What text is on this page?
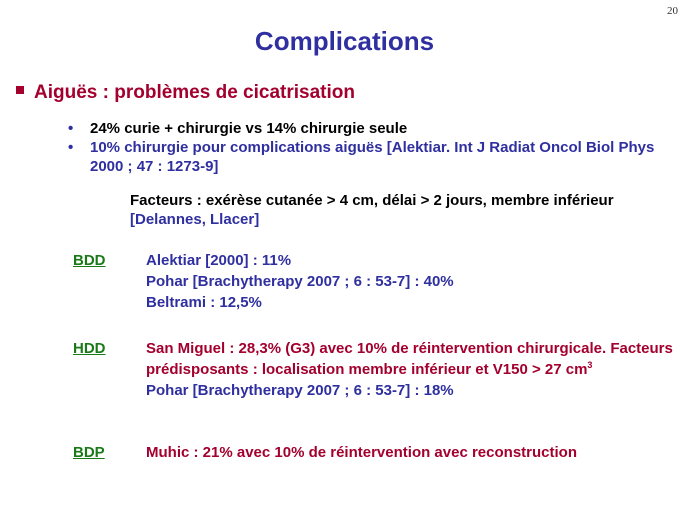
20
Complications
Aiguës : problèmes de cicatrisation
•	24% curie + chirurgie vs 14% chirurgie seule
•	10% chirurgie pour complications aiguës [Alektiar. Int J Radiat Oncol Biol Phys 2000 ; 47 : 1273-9]
Facteurs : exérèse cutanée > 4 cm, délai > 2 jours, membre inférieur [Delannes, Llacer]
BDD	Alektiar [2000] : 11%
Pohar [Brachytherapy 2007 ; 6 : 53-7] : 40%
Beltrami : 12,5%
HDD	San Miguel : 28,3% (G3) avec 10% de réintervention chirurgicale. Facteurs prédisposants : localisation membre inférieur et V150 > 27 $cm^3$
Pohar [Brachytherapy 2007 ; 6 : 53-7] : 18%
BDP	Muhic : 21% avec 10% de réintervention avec reconstruction
